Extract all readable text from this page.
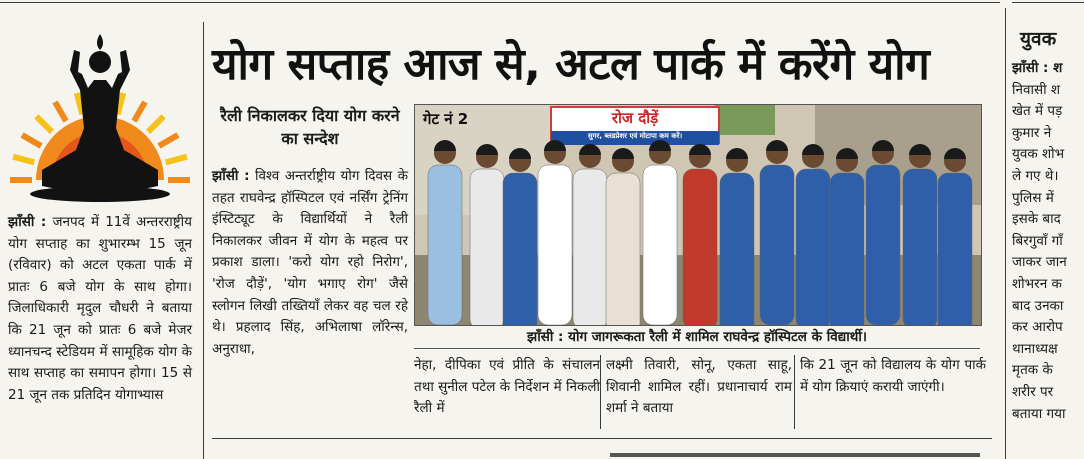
झाँसी : जनपद में 11वें अन्तरराष्ट्रीय योग सप्ताह का शुभारम्भ 15 जून (रविवार) को अटल एकता पार्क में प्रातः 6 बजे योग के साथ होगा। जिलाधिकारी मृदुल चौधरी ने बताया कि 21 जून को प्रातः 6 बजे मेजर ध्यानचन्द स्टेडियम में सामूहिक योग के साथ सप्ताह का समापन होगा। 15 से 21 जून तक प्रतिदिन योगाभ्यास

योग सप्ताह आज से, अटल पार्क में करेंगे योग
रैली निकालकर दिया योग करने का सन्देश

झाँसी : विश्व अन्तर्राष्ट्रीय योग दिवस के तहत राघवेन्द्र हॉस्पिटल एवं नर्सिंग ट्रेनिंग इंस्टिट्यूट के विद्यार्थियों ने रैली निकालकर जीवन में योग के महत्व पर प्रकाश डाला। 'करो योग रहो निरोग', 'रोज दौड़ें', 'योग भगाए रोग' जैसे स्लोगन लिखी तख्तियाँ लेकर वह चल रहे थे। प्रहलाद सिंह, अभिलाषा लॉरेन्स, अनुराधा,

गेट नं 2	रोज दौड़ें
सुगर, ब्लडप्रेशर एवं मोटापा कम करें।

झाँसी : योग जागरूकता रैली में शामिल राघवेन्द्र हॉस्पिटल के विद्यार्थी।

नेहा, दीपिका एवं प्रीति के संचालन तथा सुनील पटेल के निर्देशन में निकली रैली में

लक्ष्मी तिवारी, सोनू, एकता साहू, शिवानी शामिल रहीं। प्रधानाचार्य राम शर्मा ने बताया

कि 21 जून को विद्यालय के योग पार्क में योग क्रियाएं करायी जाएंगी।

युवक
झाँसी : श
निवासी श
खेत में पड़
कुमार ने
युवक शोभ
ले गए थे।
पुलिस में
इसके बाद
बिरगुवाँ गाँ
जाकर जान
शोभरन क
बाद उनका
कर आरोप
थानाध्यक्ष
मृतक के
शरीर पर
बताया गया
